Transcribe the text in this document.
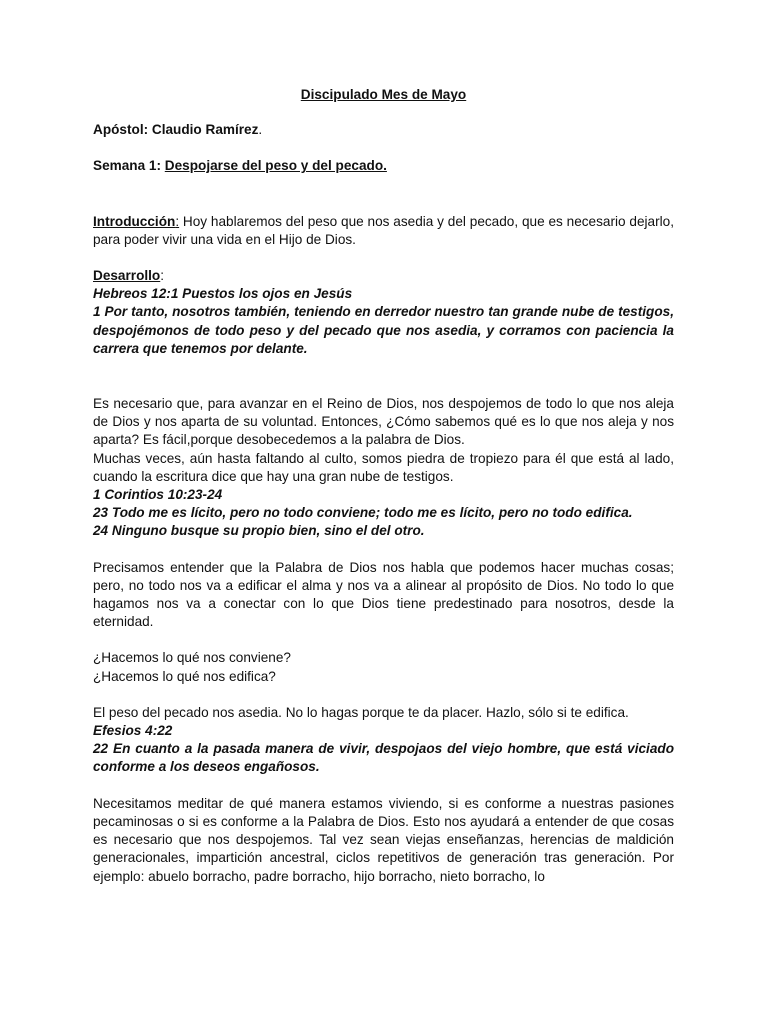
Discipulado Mes de Mayo

Apóstol: Claudio Ramírez.

Semana 1: Despojarse del peso y del pecado.

Introducción: Hoy hablaremos del peso que nos asedia y del pecado, que es necesario dejarlo, para poder vivir una vida en el Hijo de Dios.

Desarrollo:

Hebreos 12:1 Puestos los ojos en Jesús

1 Por tanto, nosotros también, teniendo en derredor nuestro tan grande nube de testigos, despojémonos de todo peso y del pecado que nos asedia, y corramos con paciencia la carrera que tenemos por delante.

Es necesario que, para avanzar en el Reino de Dios, nos despojemos de todo lo que nos aleja de Dios y nos aparta de su voluntad. Entonces, ¿Cómo sabemos qué es lo que nos aleja y nos aparta? Es fácil,porque desobecedemos a la palabra de Dios.

Muchas veces, aún hasta faltando al culto, somos piedra de tropiezo para él que está al lado, cuando la escritura dice que hay una gran nube de testigos.

1 Corintios 10:23-24

23 Todo me es lícito, pero no todo conviene; todo me es lícito, pero no todo edifica.

24 Ninguno busque su propio bien, sino el del otro.

Precisamos entender que la Palabra de Dios nos habla que podemos hacer muchas cosas; pero, no todo nos va a edificar el alma y nos va a alinear al propósito de Dios. No todo lo que hagamos nos va a conectar con lo que Dios tiene predestinado para nosotros, desde la eternidad.

¿Hacemos lo qué nos conviene?

¿Hacemos lo qué nos edifica?

El peso del pecado nos asedia. No lo hagas porque te da placer. Hazlo, sólo si te edifica.

Efesios 4:22

22 En cuanto a la pasada manera de vivir, despojaos del viejo hombre, que está viciado conforme a los deseos engañosos.

Necesitamos meditar de qué manera estamos viviendo, si es conforme a nuestras pasiones pecaminosas o si es conforme a la Palabra de Dios. Esto nos ayudará a entender de que cosas es necesario que nos despojemos. Tal vez sean viejas enseñanzas, herencias de maldición generacionales, impartición ancestral, ciclos repetitivos de generación tras generación. Por ejemplo: abuelo borracho, padre borracho, hijo borracho, nieto borracho, lo
